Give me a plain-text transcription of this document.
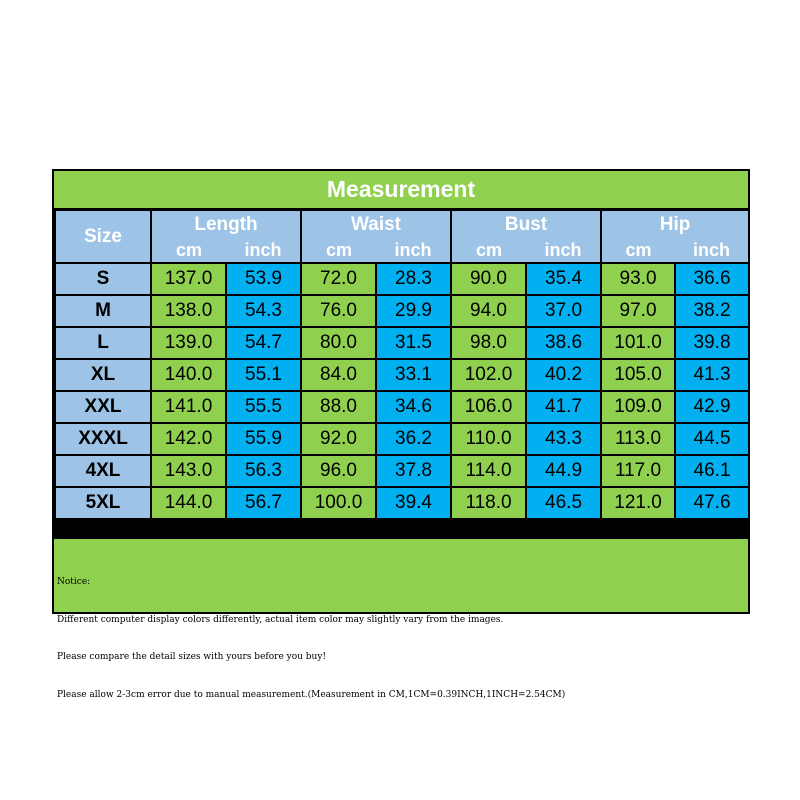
Measurement
Size	Length		Waist		Bust		Hip	
	cm	inch	cm	inch	cm	inch	cm	inch
S	137.0	53.9	72.0	28.3	90.0	35.4	93.0	36.6
M	138.0	54.3	76.0	29.9	94.0	37.0	97.0	38.2
L	139.0	54.7	80.0	31.5	98.0	38.6	101.0	39.8
XL	140.0	55.1	84.0	33.1	102.0	40.2	105.0	41.3
XXL	141.0	55.5	88.0	34.6	106.0	41.7	109.0	42.9
XXXL	142.0	55.9	92.0	36.2	110.0	43.3	113.0	44.5
4XL	143.0	56.3	96.0	37.8	114.0	44.9	117.0	46.1
5XL	144.0	56.7	100.0	39.4	118.0	46.5	121.0	47.6

Notice:

Different computer display colors differently, actual item color may slightly vary from the images.

Please compare the detail sizes with yours before you buy!

Please allow 2-3cm error due to manual measurement.(Measurement in CM,1CM=0.39INCH,1INCH=2.54CM)
